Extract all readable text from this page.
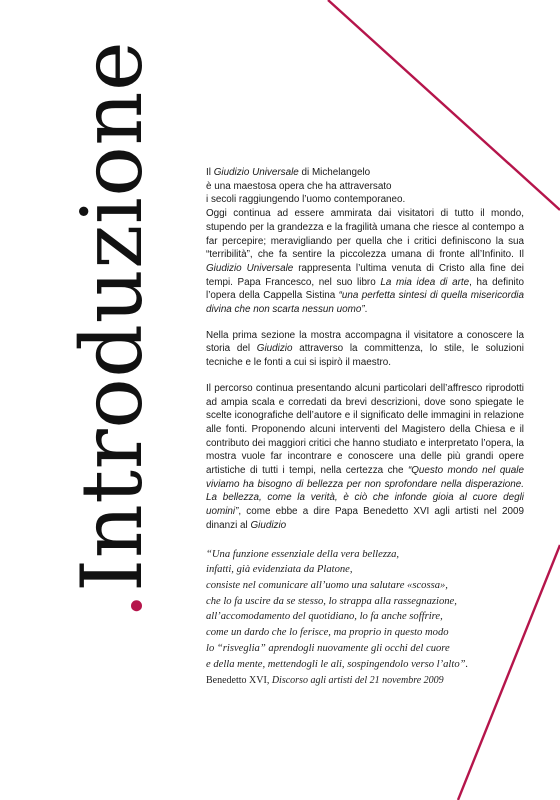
.Introduzione	Il Giudizio Universale di Michelangelo
è una maestosa opera che ha attraversato
i secoli raggiungendo l’uomo contemporaneo.

Oggi continua ad essere ammirata dai visitatori di tutto il mondo, stupendo per la grandezza e la fragilità umana che riesce al contempo a far percepire; meravigliando per quella che i critici definiscono la sua “terribilità”, che fa sentire la piccolezza umana di fronte all’Infinito. Il Giudizio Universale rappresenta l’ultima venuta di Cristo alla fine dei tempi. Papa Francesco, nel suo libro La mia idea di arte, ha definito l’opera della Cappella Sistina “una perfetta sintesi di quella misericordia divina che non scarta nessun uomo”.

Nella prima sezione la mostra accompagna il visitatore a conoscere la storia del Giudizio attraverso la committenza, lo stile, le soluzioni tecniche e le fonti a cui si ispirò il maestro.

Il percorso continua presentando alcuni particolari dell’affresco riprodotti ad ampia scala e corredati da brevi descrizioni, dove sono spiegate le scelte iconografiche dell’autore e il significato delle immagini in relazione alle fonti. Proponendo alcuni interventi del Magistero della Chiesa e il contributo dei maggiori critici che hanno studiato e interpretato l’opera, la mostra vuole far incontrare e conoscere una delle più grandi opere artistiche di tutti i tempi, nella certezza che “Questo mondo nel quale viviamo ha bisogno di bellezza per non sprofondare nella disperazione. La bellezza, come la verità, è ciò che infonde gioia al cuore degli uomini”, come ebbe a dire Papa Benedetto XVI agli artisti nel 2009 dinanzi al Giudizio

“Una funzione essenziale della vera bellezza,
infatti, già evidenziata da Platone,
consiste nel comunicare all’uomo una salutare «scossa»,
che lo fa uscire da se stesso, lo strappa alla rassegnazione,
all’accomodamento del quotidiano, lo fa anche soffrire,
come un dardo che lo ferisce, ma proprio in questo modo
lo “risveglia” aprendogli nuovamente gli occhi del cuore
e della mente, mettendogli le ali, sospingendolo verso l’alto”.
Benedetto XVI, Discorso agli artisti del 21 novembre 2009
